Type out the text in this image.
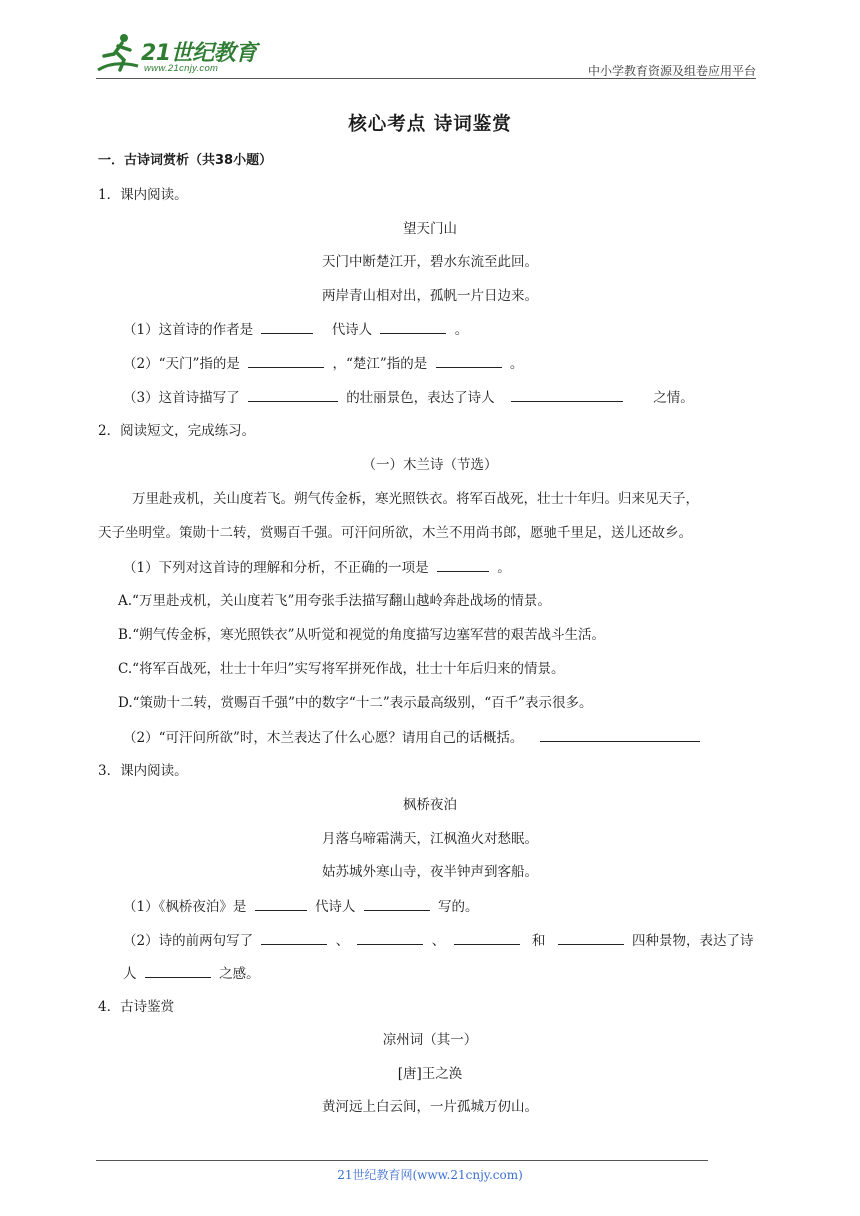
21世纪教育
www.21cnjy.com	中小学教育资源及组卷应用平台
核心考点 诗词鉴赏
一．古诗词赏析（共38小题）
1．课内阅读。
望天门山
天门中断楚江开，碧水东流至此回。
两岸青山相对出，孤帆一片日边来。
（1）这首诗的作者是	代诗人	。
（2）“天门”指的是	，“楚江”指的是	。
（3）这首诗描写了	的壮丽景色，表达了诗人	之情。
2．阅读短文，完成练习。
（一）木兰诗（节选）
万里赴戎机，关山度若飞。朔气传金柝，寒光照铁衣。将军百战死，壮士十年归。归来见天子，
天子坐明堂。策勋十二转，赏赐百千强。可汗问所欲，木兰不用尚书郎，愿驰千里足，送儿还故乡。
（1）下列对这首诗的理解和分析，不正确的一项是	。
A.“万里赴戎机，关山度若飞”用夸张手法描写翻山越岭奔赴战场的情景。
B.“朔气传金柝，寒光照铁衣”从听觉和视觉的角度描写边塞军营的艰苦战斗生活。
C.“将军百战死，壮士十年归”实写将军拼死作战，壮士十年后归来的情景。
D.“策勋十二转，赏赐百千强”中的数字“十二”表示最高级别，“百千”表示很多。
（2）“可汗问所欲”时，木兰表达了什么心愿？请用自己的话概括。
3．课内阅读。
枫桥夜泊
月落乌啼霜满天，江枫渔火对愁眠。
姑苏城外寒山寺，夜半钟声到客船。
（1）《枫桥夜泊》是	代诗人	写的。
（2）诗的前两句写了	、	、	和	四种景物，表达了诗
人	之感。
4．古诗鉴赏
凉州词（其一）
[唐]王之涣
黄河远上白云间，一片孤城万仞山。
21世纪教育网(www.21cnjy.com)
